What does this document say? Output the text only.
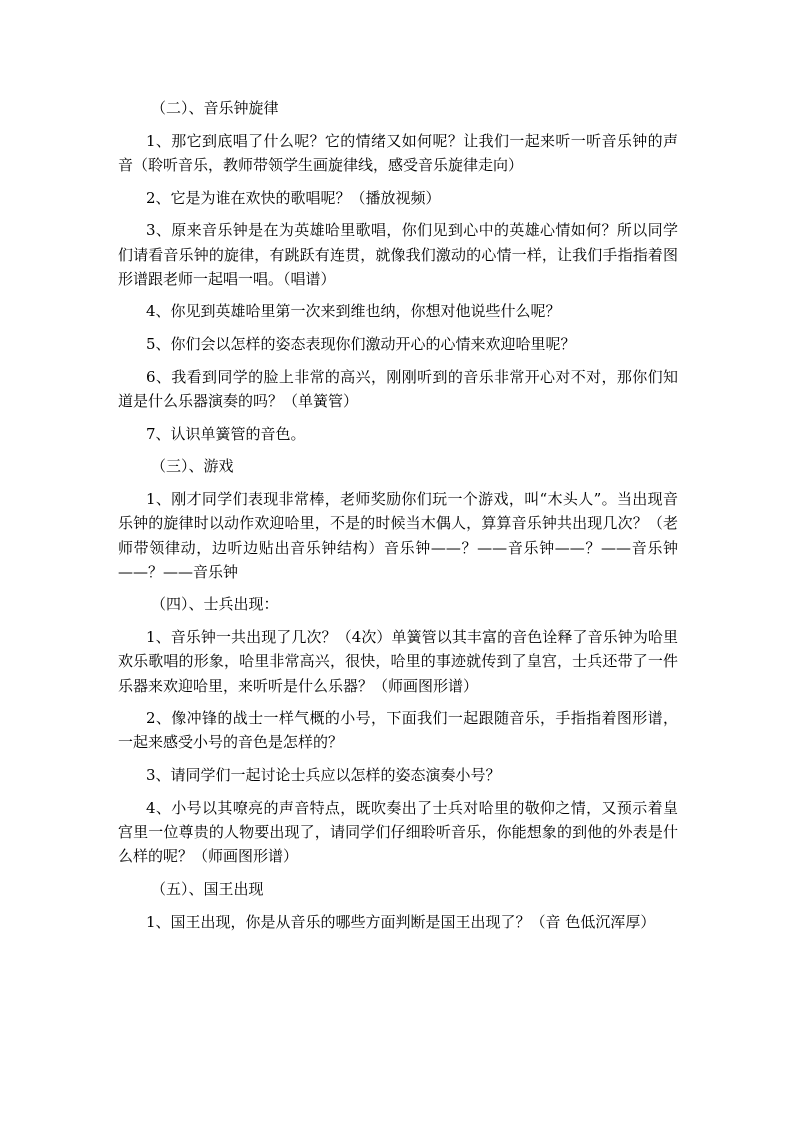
（二）、音乐钟旋律

1、那它到底唱了什么呢？它的情绪又如何呢？让我们一起来听一听音乐钟的声音（聆听音乐，教师带领学生画旋律线，感受音乐旋律走向）

2、它是为谁在欢快的歌唱呢？（播放视频）

3、原来音乐钟是在为英雄哈里歌唱，你们见到心中的英雄心情如何？所以同学们请看音乐钟的旋律，有跳跃有连贯，就像我们激动的心情一样，让我们手指指着图形谱跟老师一起唱一唱。（唱谱）

4、你见到英雄哈里第一次来到维也纳，你想对他说些什么呢？

5、你们会以怎样的姿态表现你们激动开心的心情来欢迎哈里呢？

6、我看到同学的脸上非常的高兴，刚刚听到的音乐非常开心对不对，那你们知道是什么乐器演奏的吗？（单簧管）

7、认识单簧管的音色。

（三）、游戏

1、刚才同学们表现非常棒，老师奖励你们玩一个游戏，叫“木头人”。当出现音乐钟的旋律时以动作欢迎哈里，不是的时候当木偶人，算算音乐钟共出现几次？（老师带领律动，边听边贴出音乐钟结构）音乐钟——？——音乐钟——？——音乐钟——？——音乐钟

（四）、士兵出现：

1、音乐钟一共出现了几次？（4次）单簧管以其丰富的音色诠释了音乐钟为哈里欢乐歌唱的形象，哈里非常高兴，很快，哈里的事迹就传到了皇宫，士兵还带了一件乐器来欢迎哈里，来听听是什么乐器？（师画图形谱）

2、像冲锋的战士一样气概的小号，下面我们一起跟随音乐，手指指着图形谱，一起来感受小号的音色是怎样的？

3、请同学们一起讨论士兵应以怎样的姿态演奏小号？

4、小号以其嘹亮的声音特点，既吹奏出了士兵对哈里的敬仰之情，又预示着皇宫里一位尊贵的人物要出现了，请同学们仔细聆听音乐，你能想象的到他的外表是什么样的呢？（师画图形谱）

（五）、国王出现

1、国王出现，你是从音乐的哪些方面判断是国王出现了？（音 色低沉浑厚）
